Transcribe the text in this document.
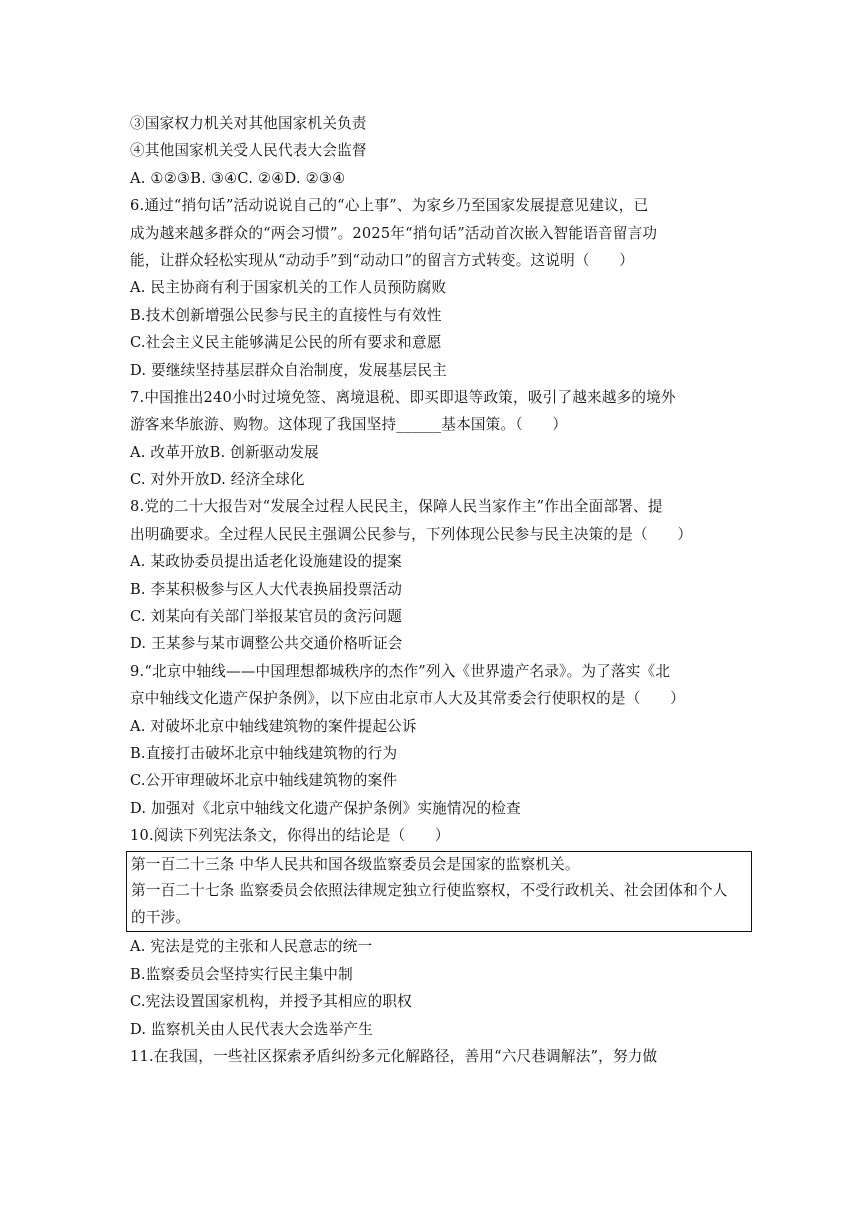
③国家权力机关对其他国家机关负责
④其他国家机关受人民代表大会监督
A. ①②③B. ③④C. ②④D. ②③④
6.通过“捎句话”活动说说自己的“心上事”、为家乡乃至国家发展提意见建议，已
成为越来越多群众的“两会习惯”。2025年“捎句话”活动首次嵌入智能语音留言功
能，让群众轻松实现从“动动手”到“动动口”的留言方式转变。这说明（　　）
A. 民主协商有利于国家机关的工作人员预防腐败
B.技术创新增强公民参与民主的直接性与有效性
C.社会主义民主能够满足公民的所有要求和意愿
D. 要继续坚持基层群众自治制度，发展基层民主
7.中国推出240小时过境免签、离境退税、即买即退等政策，吸引了越来越多的境外
游客来华旅游、购物。这体现了我国坚持______基本国策。（　　）
A. 改革开放B. 创新驱动发展
C. 对外开放D. 经济全球化
8.党的二十大报告对“发展全过程人民民主，保障人民当家作主”作出全面部署、提
出明确要求。全过程人民民主强调公民参与，下列体现公民参与民主决策的是（　　）
A. 某政协委员提出适老化设施建设的提案
B. 李某积极参与区人大代表换届投票活动
C. 刘某向有关部门举报某官员的贪污问题
D. 王某参与某市调整公共交通价格听证会
9.“北京中轴线——中国理想都城秩序的杰作”列入《世界遗产名录》。为了落实《北
京中轴线文化遗产保护条例》，以下应由北京市人大及其常委会行使职权的是（　　）
A. 对破坏北京中轴线建筑物的案件提起公诉
B.直接打击破坏北京中轴线建筑物的行为
C.公开审理破坏北京中轴线建筑物的案件
D. 加强对《北京中轴线文化遗产保护条例》实施情况的检查
10.阅读下列宪法条文，你得出的结论是（　　）
第一百二十三条 中华人民共和国各级监察委员会是国家的监察机关。
第一百二十七条 监察委员会依照法律规定独立行使监察权，不受行政机关、社会团体和个人
的干涉。
A. 宪法是党的主张和人民意志的统一
B.监察委员会坚持实行民主集中制
C.宪法设置国家机构，并授予其相应的职权
D. 监察机关由人民代表大会选举产生
11.在我国，一些社区探索矛盾纠纷多元化解路径，善用“六尺巷调解法”，努力做
